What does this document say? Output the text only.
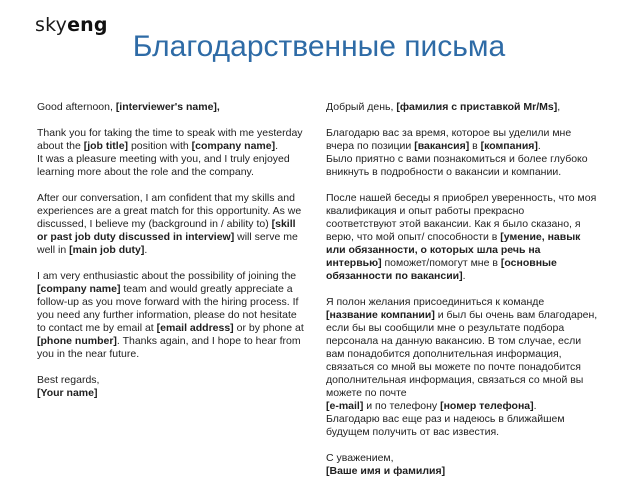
skyeng
Благодарственные письма
Good afternoon, [interviewer's name],
Thank you for taking the time to speak with me yesterday
about the [job title] position with [company name].
It was a pleasure meeting with you, and I truly enjoyed
learning more about the role and the company.
After our conversation, I am confident that my skills and
experiences are a great match for this opportunity. As we
discussed, I believe my (background in / ability to) [skill
or past job duty discussed in interview] will serve me
well in [main job duty].
I am very enthusiastic about the possibility of joining the
[company name] team and would greatly appreciate a
follow-up as you move forward with the hiring process. If
you need any further information, please do not hesitate
to contact me by email at [email address] or by phone at
[phone number]. Thanks again, and I hope to hear from
you in the near future.
Best regards,
[Your name]
Добрый день, [фамилия с приставкой Mr/Ms],
Благодарю вас за время, которое вы уделили мне
вчера по позиции [вакансия] в [компания].
Было приятно с вами познакомиться и более глубоко
вникнуть в подробности о вакансии и компании.
После нашей беседы я приобрел уверенность, что моя
квалификация и опыт работы прекрасно
соответствуют этой вакансии. Как я было сказано, я
верю, что мой опыт/ способности в [умение, навык
или обязанности, о которых шла речь на
интервью] поможет/помогут мне в [основные
обязанности по вакансии].
Я полон желания присоединиться к команде
[название компании] и был бы очень вам благодарен,
если бы вы сообщили мне о результате подбора
персонала на данную вакансию. В том случае, если
вам понадобится дополнительная информация,
связаться со мной вы можете по почте понадобится
дополнительная информация, связаться со мной вы
можете по почте
[e-mail] и по телефону [номер телефона].
Благодарю вас еще раз и надеюсь в ближайшем
будущем получить от вас известия.
С уважением,
[Ваше имя и фамилия]
